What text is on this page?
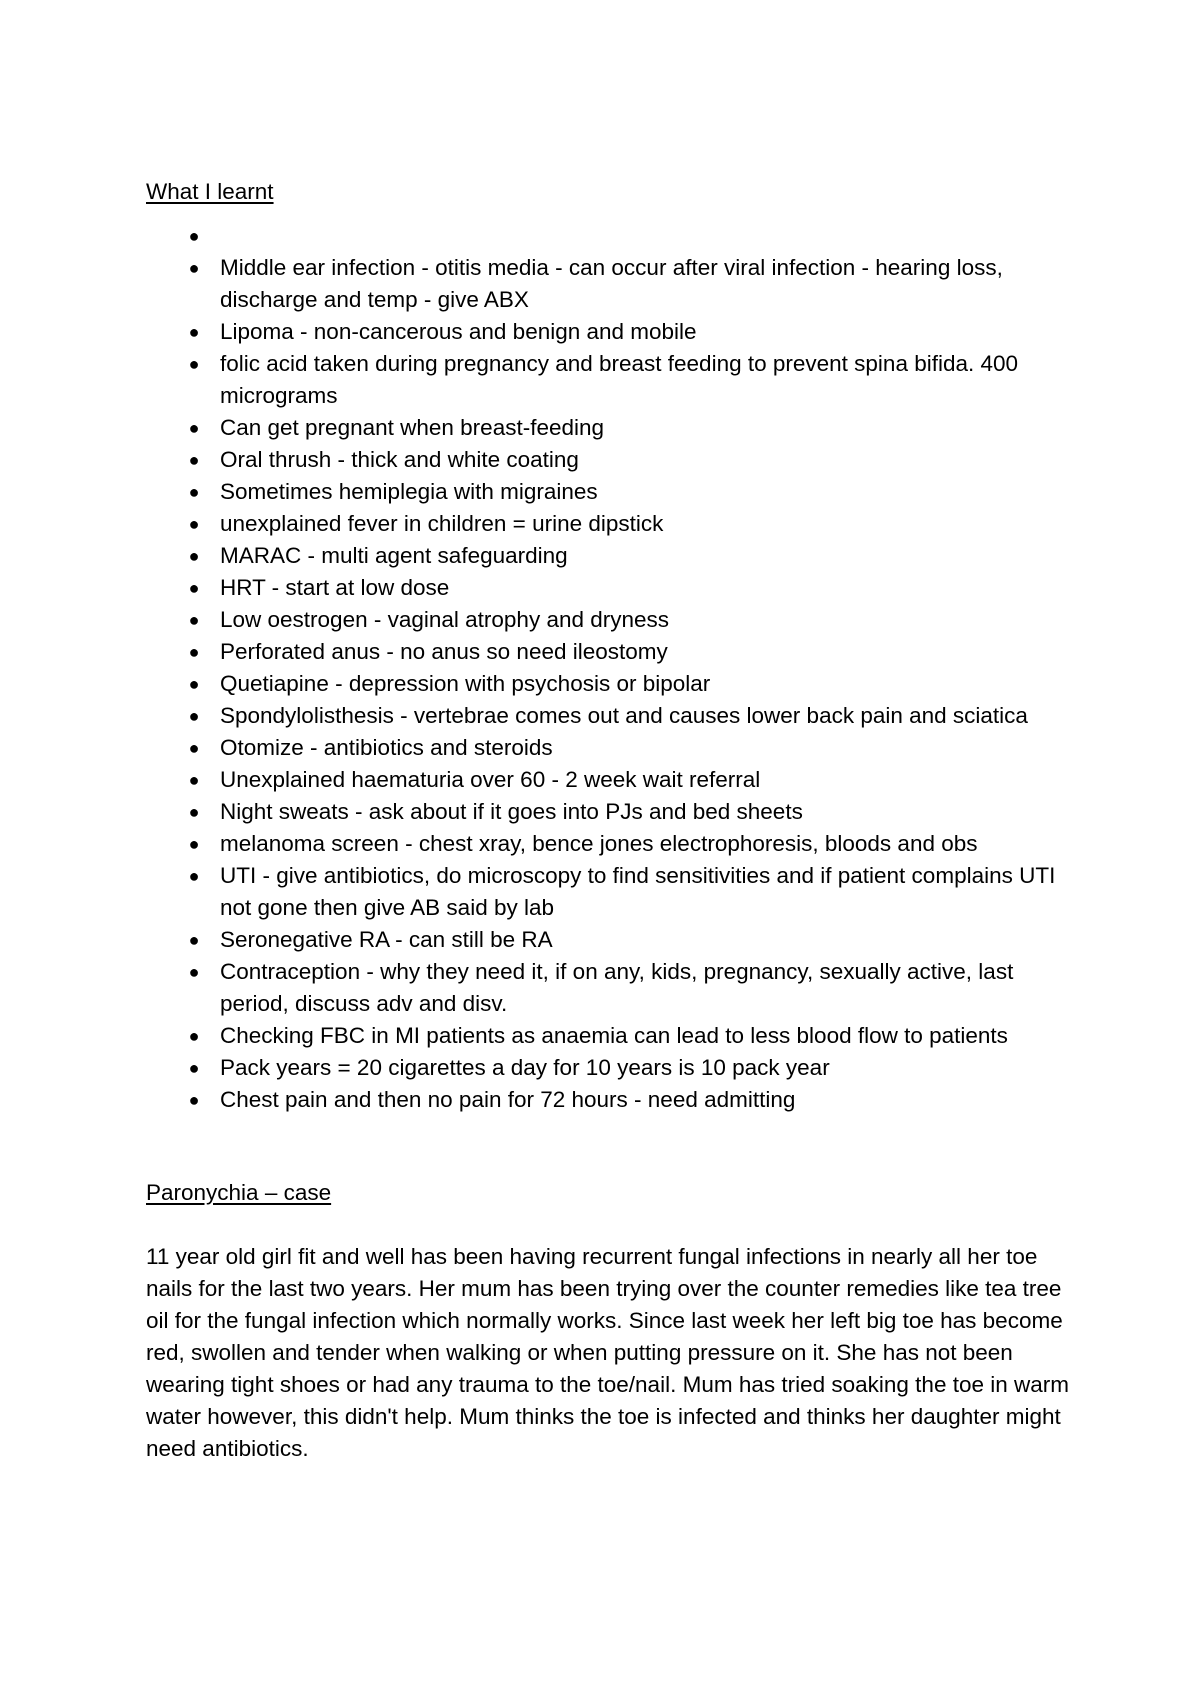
What I learnt

●
● Middle ear infection - otitis media - can occur after viral infection - hearing loss, discharge and temp - give ABX
● Lipoma - non-cancerous and benign and mobile
● folic acid taken during pregnancy and breast feeding to prevent spina bifida. 400 micrograms
● Can get pregnant when breast-feeding
● Oral thrush - thick and white coating
● Sometimes hemiplegia with migraines
● unexplained fever in children = urine dipstick
● MARAC - multi agent safeguarding
● HRT - start at low dose
● Low oestrogen - vaginal atrophy and dryness
● Perforated anus - no anus so need ileostomy
● Quetiapine - depression with psychosis or bipolar
● Spondylolisthesis - vertebrae comes out and causes lower back pain and sciatica
● Otomize - antibiotics and steroids
● Unexplained haematuria over 60 - 2 week wait referral
● Night sweats - ask about if it goes into PJs and bed sheets
● melanoma screen - chest xray, bence jones electrophoresis, bloods and obs
● UTI - give antibiotics, do microscopy to find sensitivities and if patient complains UTI not gone then give AB said by lab
● Seronegative RA - can still be RA
● Contraception - why they need it, if on any, kids, pregnancy, sexually active, last period, discuss adv and disv.
● Checking FBC in MI patients as anaemia can lead to less blood flow to patients
● Pack years = 20 cigarettes a day for 10 years is 10 pack year
● Chest pain and then no pain for 72 hours - need admitting

Paronychia – case

11 year old girl fit and well has been having recurrent fungal infections in nearly all her toe nails for the last two years. Her mum has been trying over the counter remedies like tea tree oil for the fungal infection which normally works. Since last week her left big toe has become red, swollen and tender when walking or when putting pressure on it. She has not been wearing tight shoes or had any trauma to the toe/nail. Mum has tried soaking the toe in warm water however, this didn't help. Mum thinks the toe is infected and thinks her daughter might need antibiotics.
